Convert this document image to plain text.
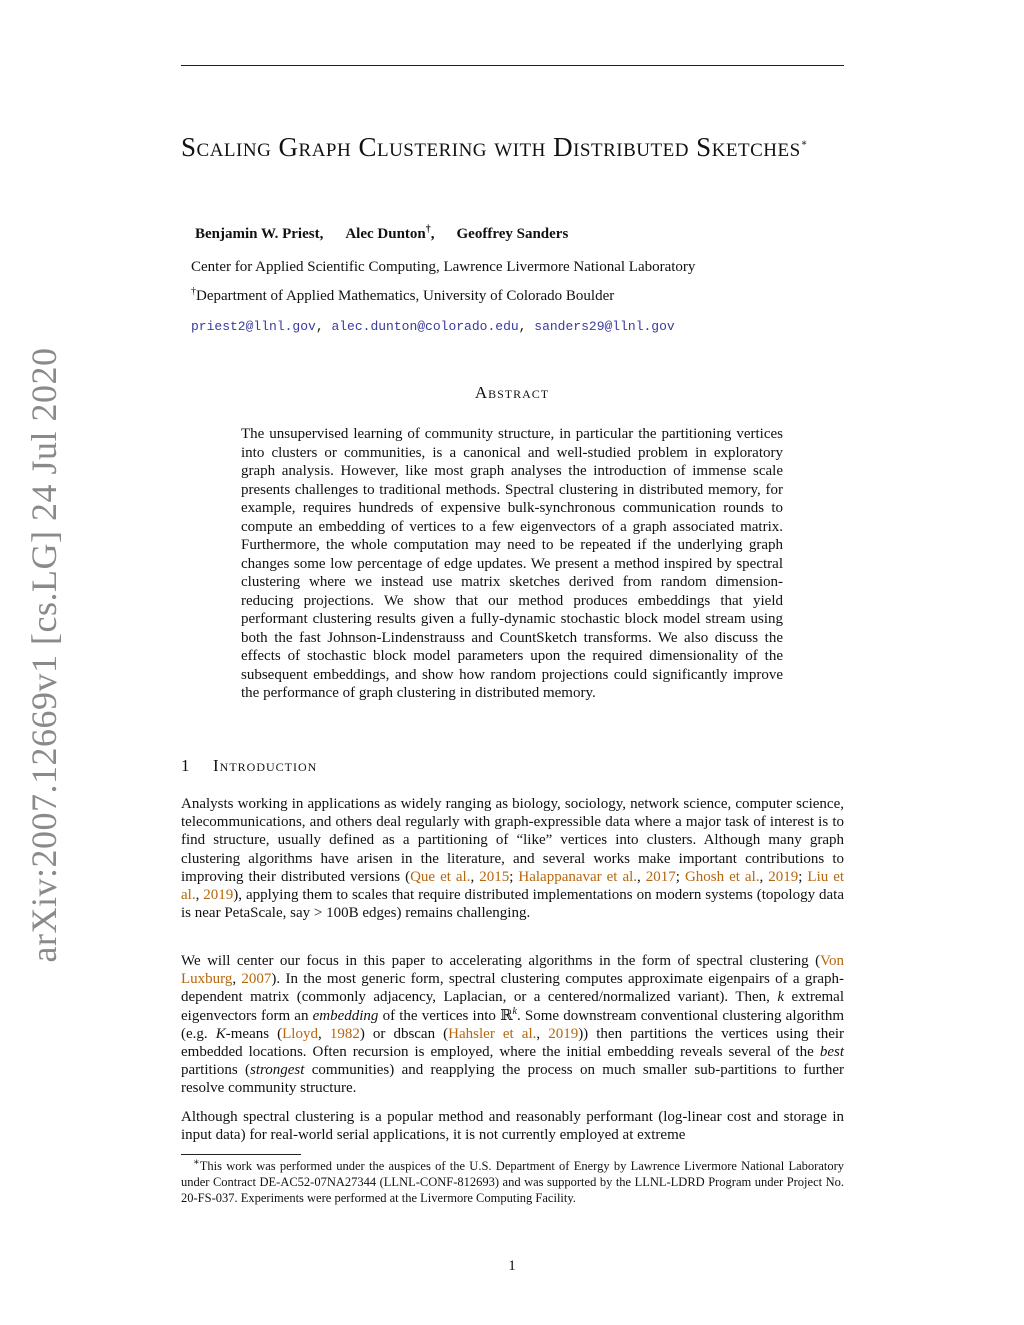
arXiv:2007.12669v1 [cs.LG] 24 Jul 2020
Scaling Graph Clustering with Distributed Sketches∗
Benjamin W. Priest, Alec Dunton†, Geoffrey Sanders
Center for Applied Scientific Computing, Lawrence Livermore National Laboratory
†Department of Applied Mathematics, University of Colorado Boulder
priest2@llnl.gov, alec.dunton@colorado.edu, sanders29@llnl.gov
Abstract

The unsupervised learning of community structure, in particular the partitioning vertices into clusters or communities, is a canonical and well-studied problem in exploratory graph analysis. However, like most graph analyses the introduction of immense scale presents challenges to traditional methods. Spectral clustering in distributed memory, for example, requires hundreds of expensive bulk-synchronous communication rounds to compute an embedding of vertices to a few eigenvectors of a graph associated matrix. Furthermore, the whole computation may need to be repeated if the underlying graph changes some low percentage of edge updates. We present a method inspired by spectral clustering where we instead use matrix sketches derived from random dimension-reducing projections. We show that our method produces embeddings that yield performant clustering results given a fully-dynamic stochastic block model stream using both the fast Johnson-Lindenstrauss and CountSketch transforms. We also discuss the effects of stochastic block model parameters upon the required dimensionality of the subsequent embeddings, and show how random projections could significantly improve the performance of graph clustering in distributed memory.

1 Introduction

Analysts working in applications as widely ranging as biology, sociology, network science, computer science, telecommunications, and others deal regularly with graph-expressible data where a major task of interest is to find structure, usually defined as a partitioning of “like” vertices into clusters. Although many graph clustering algorithms have arisen in the literature, and several works make important contributions to improving their distributed versions (Que et al., 2015; Halappanavar et al., 2017; Ghosh et al., 2019; Liu et al., 2019), applying them to scales that require distributed implementations on modern systems (topology data is near PetaScale, say > 100B edges) remains challenging.

We will center our focus in this paper to accelerating algorithms in the form of spectral clustering (Von Luxburg, 2007). In the most generic form, spectral clustering computes approximate eigenpairs of a graph-dependent matrix (commonly adjacency, Laplacian, or a centered/normalized variant). Then, k extremal eigenvectors form an embedding of the vertices into ℝ$^k$. Some downstream conventional clustering algorithm (e.g. K-means (Lloyd, 1982) or dbscan (Hahsler et al., 2019)) then partitions the vertices using their embedded locations. Often recursion is employed, where the initial embedding reveals several of the best partitions (strongest communities) and reapplying the process on much smaller sub-partitions to further resolve community structure.

Although spectral clustering is a popular method and reasonably performant (log-linear cost and storage in input data) for real-world serial applications, it is not currently employed at extreme

∗This work was performed under the auspices of the U.S. Department of Energy by Lawrence Livermore National Laboratory under Contract DE-AC52-07NA27344 (LLNL-CONF-812693) and was supported by the LLNL-LDRD Program under Project No. 20-FS-037. Experiments were performed at the Livermore Computing Facility.

1
